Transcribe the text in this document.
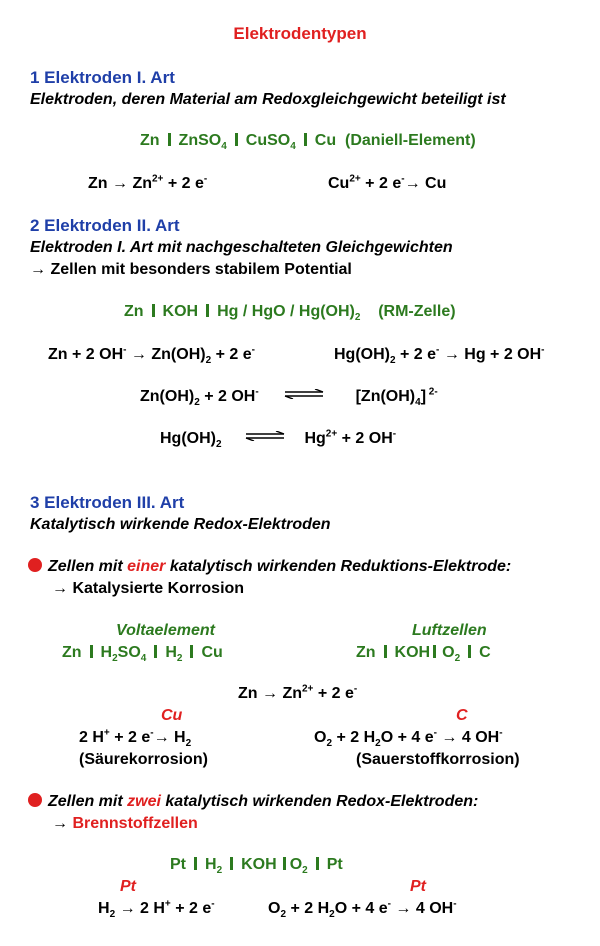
Elektrodentypen
1 Elektroden I. Art
Elektroden, deren Material am Redoxgleichgewicht beteiligt ist
Zn ZnSO$_4$ CuSO$_4$ Cu (Daniell-Element)
$Zn \to Zn^{2+} + 2$ e-	$Cu^{2+} + 2$ e-→ Cu
2 Elektroden II. Art
Elektroden I. Art mit nachgeschalteten Gleichgewichten
→ Zellen mit besonders stabilem Potential
Zn KOH Hg / HgO / $Hg(OH)_2$ (RM-Zelle)
Zn + 2 $OH^- \to Zn(OH)_2 + 2$ e-	$Hg(OH)_2 + 2$ e- → Hg + 2 OH-
$Zn(OH)_2 + 2$ OH-	$[Zn(OH)_4]$ $^{2-}$
$Hg(OH)_2$ ⇌ $Hg^{2+} + 2$ OH-
3 Elektroden III. Art
Katalytisch wirkende Redox-Elektroden
Zellen mit einer katalytisch wirkenden Reduktions-Elektrode:
→ Katalysierte Korrosion
Voltaelement
Zn $H_2SO_4$ $H_2$ Cu
Luftzellen
Zn KOH $O_2$ C
$Zn \to Zn^{2+} + 2$ e-
Cu	C
2 H+ + 2 $e^-\to H_2$
(Säurekorrosion)
$O_2 + 2$ $H_2O + 4$ e- → 4 OH-
(Sauerstoffkorrosion)
Zellen mit zwei katalytisch wirkenden Redox-Elektroden:
→ Brennstoffzellen
Pt $H_2$ KOH $O_2$ Pt
Pt	Pt
$H_2 \to 2$ H+ + 2 e-	$O_2 + 2$ $H_2O + 4$ e- → 4 OH-
